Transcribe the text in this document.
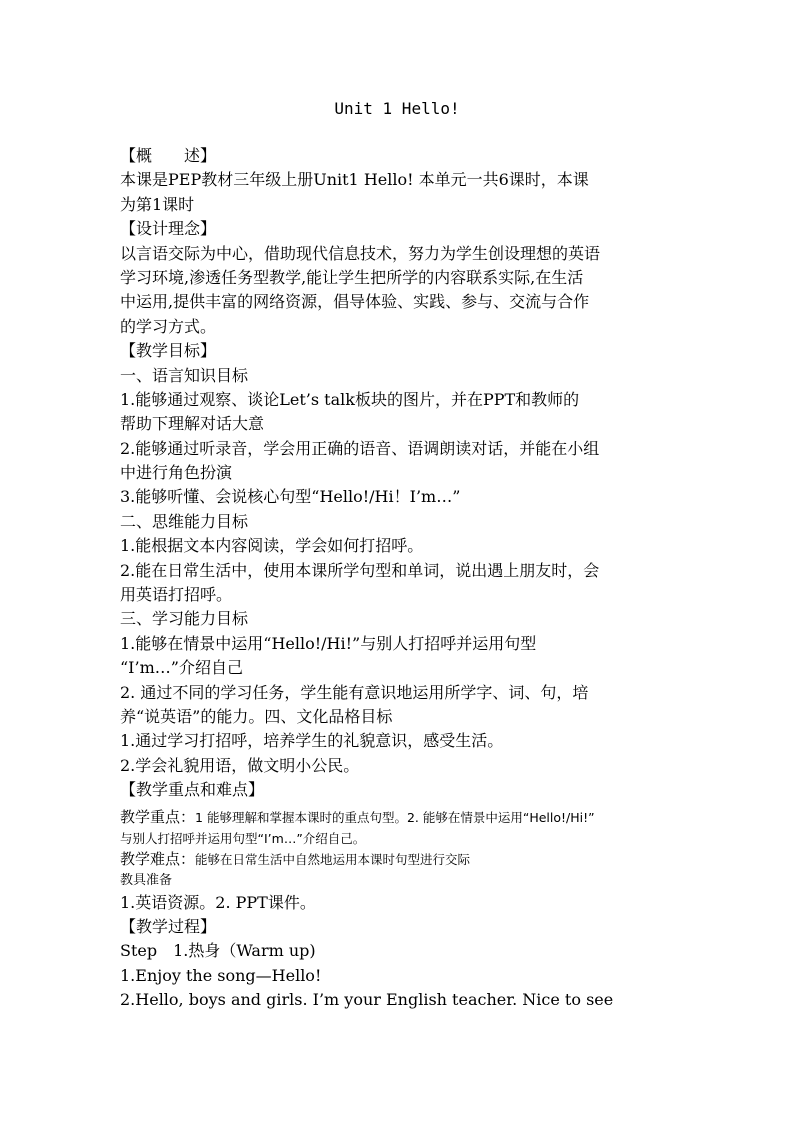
Unit 1 Hello!
【概　　述】
本课是PEP教材三年级上册Unit1 Hello! 本单元一共6课时，本课
为第1课时
【设计理念】
以言语交际为中心，借助现代信息技术，努力为学生创设理想的英语
学习环境,渗透任务型教学,能让学生把所学的内容联系实际,在生活
中运用,提供丰富的网络资源，倡导体验、实践、参与、交流与合作
的学习方式。
【教学目标】
一、语言知识目标
1.能够通过观察、谈论Let’s talk板块的图片，并在PPT和教师的
帮助下理解对话大意
2.能够通过听录音，学会用正确的语音、语调朗读对话，并能在小组
中进行角色扮演
3.能够听懂、会说核心句型“Hello!/Hi！I’m…”
二、思维能力目标
1.能根据文本内容阅读，学会如何打招呼。
2.能在日常生活中，使用本课所学句型和单词，说出遇上朋友时，会
用英语打招呼。
三、学习能力目标
1.能够在情景中运用“Hello!/Hi!”与别人打招呼并运用句型
“I’m…”介绍自己
2. 通过不同的学习任务，学生能有意识地运用所学字、词、句，培
养“说英语”的能力。四、文化品格目标
1.通过学习打招呼，培养学生的礼貌意识，感受生活。
2.学会礼貌用语，做文明小公民。
【教学重点和难点】
教学重点：1 能够理解和掌握本课时的重点句型。2. 能够在情景中运用“Hello!/Hi!”
与别人打招呼并运用句型“I’m…”介绍自己。
教学难点：能够在日常生活中自然地运用本课时句型进行交际
教具准备
1.英语资源。2. PPT课件。
【教学过程】
Step　1.热身（Warm up)
1.Enjoy the song—Hello!
2.Hello, boys and girls. I’m your English teacher. Nice to see
